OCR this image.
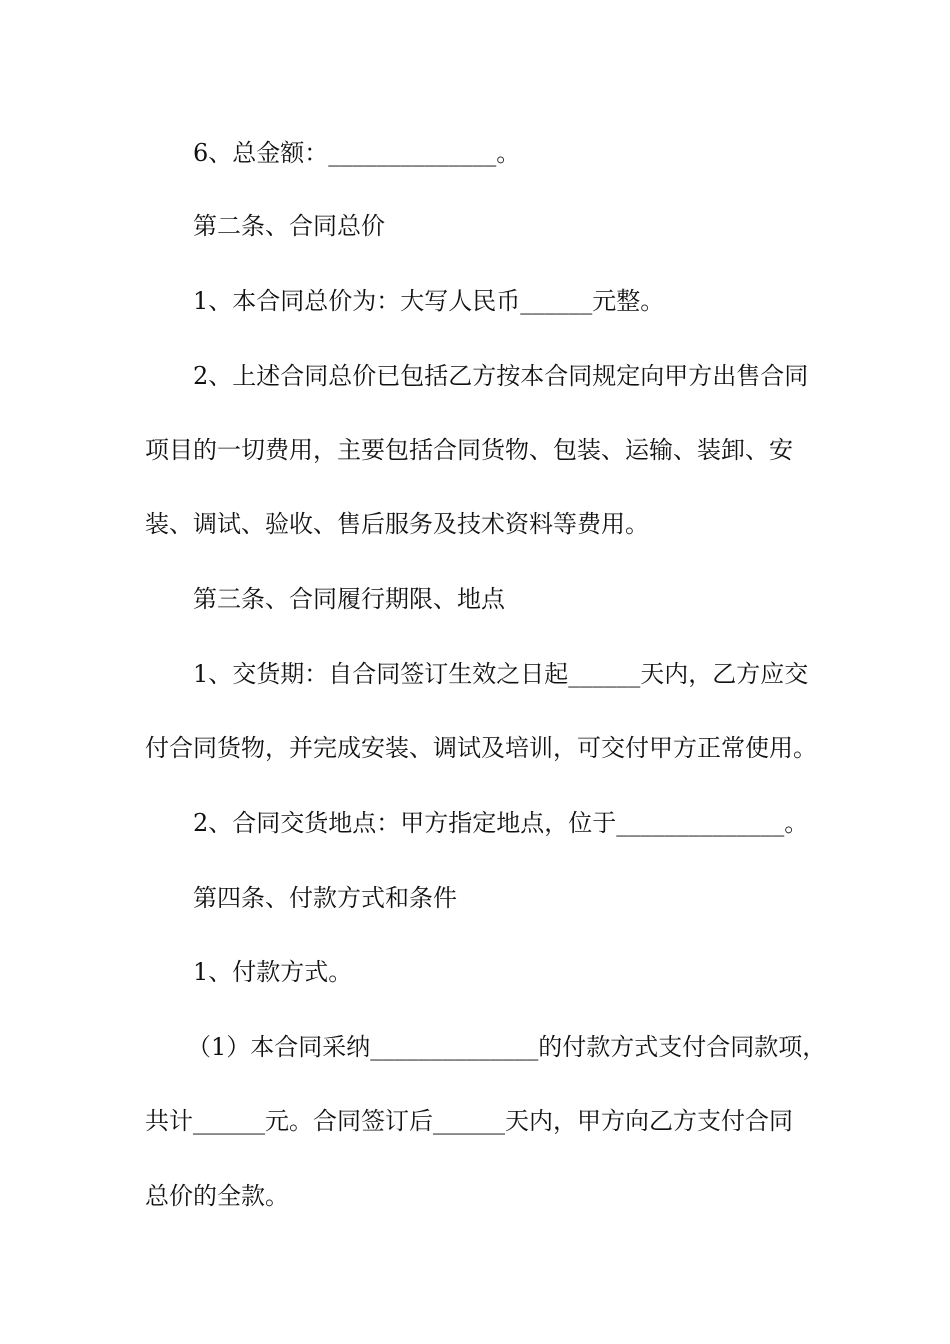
6、总金额：______________。
第二条、合同总价
1、本合同总价为：大写人民币______元整。
2、上述合同总价已包括乙方按本合同规定向甲方出售合同
项目的一切费用，主要包括合同货物、包装、运输、装卸、安
装、调试、验收、售后服务及技术资料等费用。
第三条、合同履行期限、地点
1、交货期：自合同签订生效之日起______天内，乙方应交
付合同货物，并完成安装、调试及培训，可交付甲方正常使用。
2、合同交货地点：甲方指定地点，位于______________。
第四条、付款方式和条件
1、付款方式。
（1）本合同采纳______________的付款方式支付合同款项，
共计______元。合同签订后______天内，甲方向乙方支付合同
总价的全款。
